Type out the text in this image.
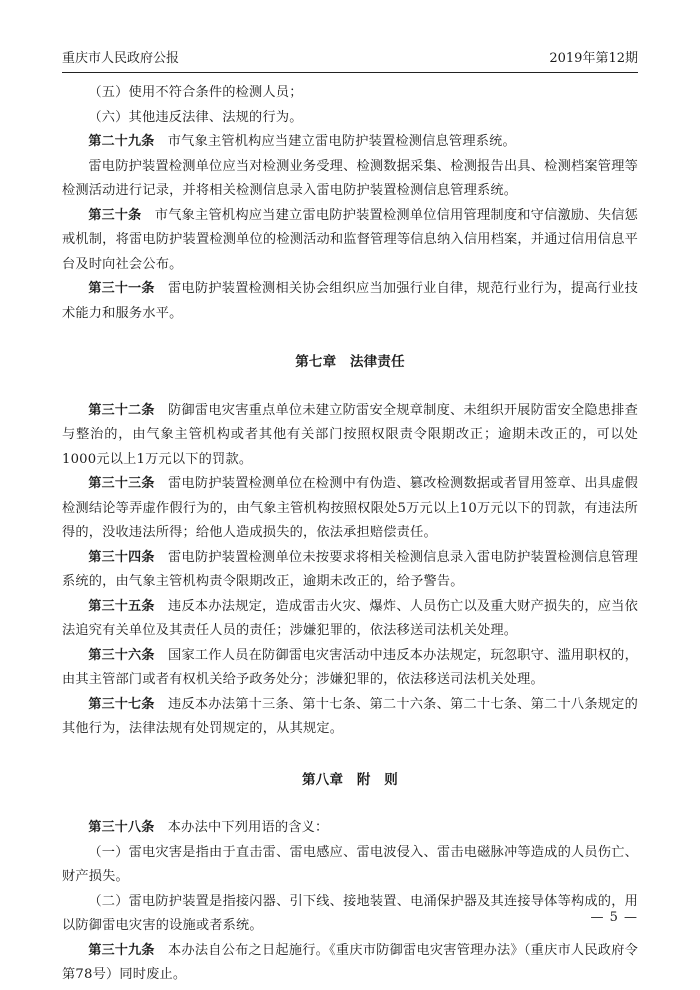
重庆市人民政府公报	2019年第12期

（五）使用不符合条件的检测人员；

（六）其他违反法律、法规的行为。

第二十九条　 市气象主管机构应当建立雷电防护装置检测信息管理系统。

雷电防护装置检测单位应当对检测业务受理、检测数据采集、检测报告出具、检测档案管理等检测活动进行记录，并将相关检测信息录入雷电防护装置检测信息管理系统。

第三十条　 市气象主管机构应当建立雷电防护装置检测单位信用管理制度和守信激励、失信惩戒机制，将雷电防护装置检测单位的检测活动和监督管理等信息纳入信用档案，并通过信用信息平台及时向社会公布。

第三十一条　 雷电防护装置检测相关协会组织应当加强行业自律，规范行业行为，提高行业技术能力和服务水平。

第七章　法律责任

第三十二条　 防御雷电灾害重点单位未建立防雷安全规章制度、未组织开展防雷安全隐患排查与整治的，由气象主管机构或者其他有关部门按照权限责令限期改正；逾期未改正的，可以处1000元以上1万元以下的罚款。

第三十三条　 雷电防护装置检测单位在检测中有伪造、篡改检测数据或者冒用签章、出具虚假检测结论等弄虚作假行为的，由气象主管机构按照权限处5万元以上10万元以下的罚款，有违法所得的，没收违法所得；给他人造成损失的，依法承担赔偿责任。

第三十四条　 雷电防护装置检测单位未按要求将相关检测信息录入雷电防护装置检测信息管理系统的，由气象主管机构责令限期改正，逾期未改正的，给予警告。

第三十五条　 违反本办法规定，造成雷击火灾、爆炸、人员伤亡以及重大财产损失的，应当依法追究有关单位及其责任人员的责任；涉嫌犯罪的，依法移送司法机关处理。

第三十六条　 国家工作人员在防御雷电灾害活动中违反本办法规定，玩忽职守、滥用职权的，由其主管部门或者有权机关给予政务处分；涉嫌犯罪的，依法移送司法机关处理。

第三十七条　 违反本办法第十三条、第十七条、第二十六条、第二十七条、第二十八条规定的其他行为，法律法规有处罚规定的，从其规定。

第八章　附　则

第三十八条　 本办法中下列用语的含义：

（一）雷电灾害是指由于直击雷、雷电感应、雷电波侵入、雷击电磁脉冲等造成的人员伤亡、财产损失。

（二）雷电防护装置是指接闪器、引下线、接地装置、电涌保护器及其连接导体等构成的，用以防御雷电灾害的设施或者系统。

第三十九条　 本办法自公布之日起施行。《重庆市防御雷电灾害管理办法》（重庆市人民政府令第78号）同时废止。

— 5 —
